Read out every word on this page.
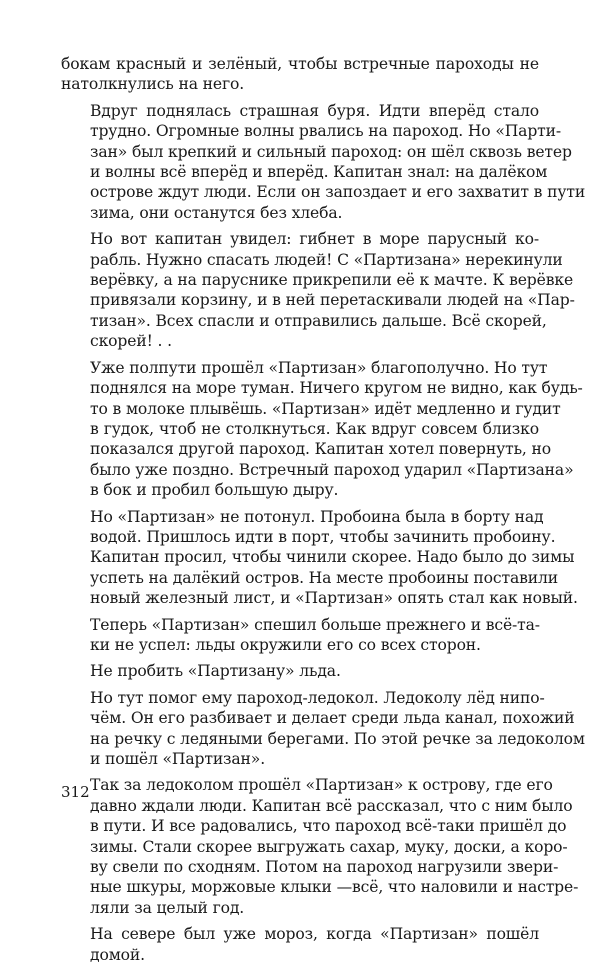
бокам красный и зелёный, чтобы встречные пароходы не
натолкнулись на него.

Вдруг поднялась страшная буря. Идти вперёд стало
трудно. Огромные волны рвались на пароход. Но «Парти-
зан» был крепкий и сильный пароход: он шёл сквозь ветер
и волны всё вперёд и вперёд. Капитан знал: на далёком
острове ждут люди. Если он запоздает и его захватит в пути
зима, они останутся без хлеба.

Но вот капитан увидел: гибнет в море парусный ко-
рабль. Нужно спасать людей! С «Партизана» нерекинули
верёвку, а на паруснике прикрепили её к мачте. К верёвке
привязали корзину, и в ней перетаскивали людей на «Пар-
тизан». Всех спасли и отправились дальше. Всё скорей,
скорей! . .

Уже полпути прошёл «Партизан» благополучно. Но тут
поднялся на море туман. Ничего кругом не видно, как будь-
то в молоке плывёшь. «Партизан» идёт медленно и гудит
в гудок, чтоб не столкнуться. Как вдруг совсем близко
показался другой пароход. Капитан хотел повернуть, но
было уже поздно. Встречный пароход ударил «Партизана»
в бок и пробил большую дыру.

Но «Партизан» не потонул. Пробоина была в борту над
водой. Пришлось идти в порт, чтобы зачинить пробоину.
Капитан просил, чтобы чинили скорее. Надо было до зимы
успеть на далёкий остров. На месте пробоины поставили
новый железный лист, и «Партизан» опять стал как новый.

Теперь «Партизан» спешил больше прежнего и всё-та-
ки не успел: льды окружили его со всех сторон.

Не пробить «Партизану» льда.

Но тут помог ему пароход-ледокол. Ледоколу лёд нипо-
чём. Он его разбивает и делает среди льда канал, похожий
на речку с ледяными берегами. По этой речке за ледоколом
и пошёл «Партизан».

Так за ледоколом прошёл «Партизан» к острову, где его
давно ждали люди. Капитан всё рассказал, что с ним было
в пути. И все радовались, что пароход всё-таки пришёл до
зимы. Стали скорее выгружать сахар, муку, доски, а коро-
ву свели по сходням. Потом на пароход нагрузили звери-
ные шкуры, моржовые клыки —всё, что наловили и настре-
ляли за целый год.

На севере был уже мороз, когда «Партизан» пошёл
домой.

312
